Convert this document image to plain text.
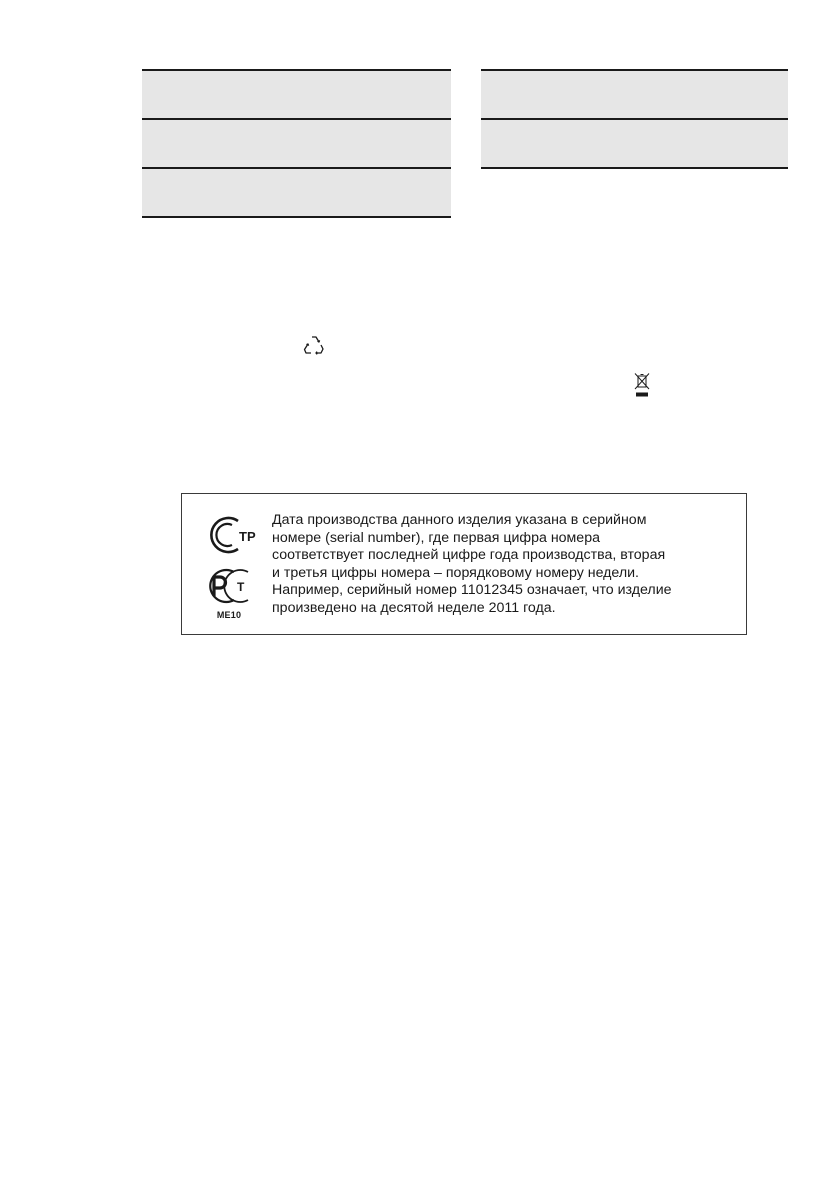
ТР
Т
ME10
Дата производства данного изделия указана в серийном
номере (serial number), где первая цифра номера
соответствует последней цифре года производства, вторая
и третья цифры номера – порядковому номеру недели.
Например, серийный номер 11012345 означает, что изделие
произведено на десятой неделе 2011 года.
